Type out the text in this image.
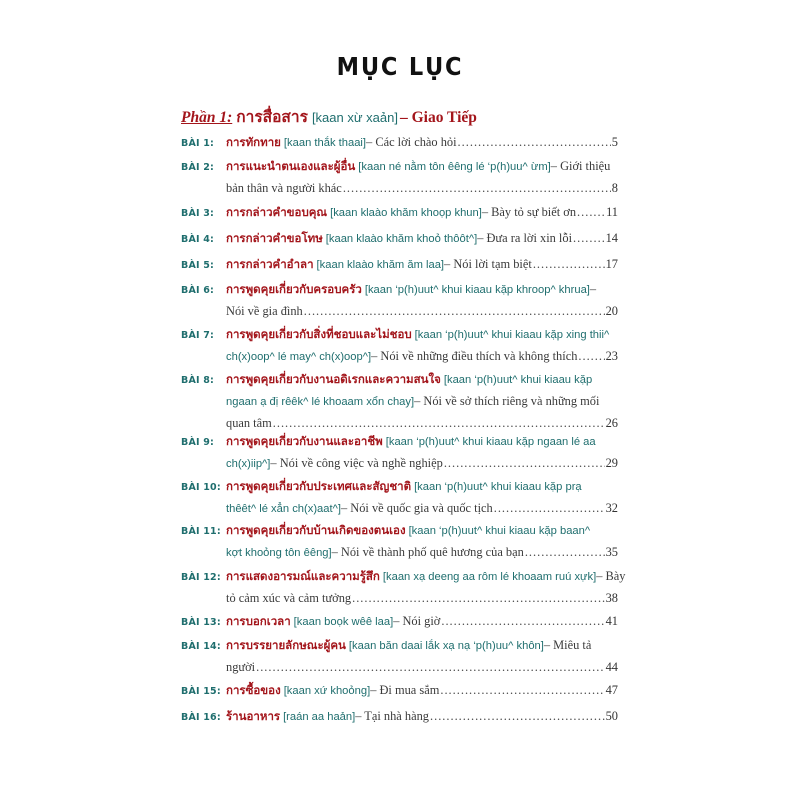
MỤC LỤC
Phần 1: การสื่อสาร [kaan xừ xaản] – Giao Tiếp
BÀI 1:	การทักทาย [kaan thắk thaai] – Các lời chào hỏi .....	5
BÀI 2:	การแนะนำตนเองและผู้อื่น [kaan né nằm tôn êêng lé ‘p(h)uu^ ừm] – Giới thiệu
bản thân và người khác .....	8
BÀI 3:	การกล่าวคำขอบคุณ [kaan klaào khăm khoọp khun] – Bày tỏ sự biết ơn ..... 11
BÀI 4:	การกล่าวคำขอโทษ [kaan klaào khăm khoỏ thôôt^] – Đưa ra lời xin lỗi .....	14
BÀI 5:	การกล่าวคำอำลา [kaan klaào khăm ăm laa] – Nói lời tạm biệt .....	17
BÀI 6:	การพูดคุยเกี่ยวกับครอบครัว [kaan ‘p(h)uut^ khui kiaau kặp khroop^ khrua] –
Nói về gia đình .....	20
BÀI 7:	การพูดคุยเกี่ยวกับสิ่งที่ชอบและไม่ชอบ [kaan ‘p(h)uut^ khui kiaau kặp xing thii^
ch(x)oop^ lé may^ ch(x)oop^] – Nói về những điều thích và không thích ..... 23
BÀI 8:	การพูดคุยเกี่ยวกับงานอดิเรกและความสนใจ [kaan ‘p(h)uut^ khui kiaau kặp
ngaan ạ đị rêêk^ lé khoaam xổn chay] – Nói về sở thích riêng và những mối
quan tâm .....	26
BÀI 9:	การพูดคุยเกี่ยวกับงานและอาชีพ [kaan ‘p(h)uut^ khui kiaau kặp ngaan lé aa
ch(x)iip^] – Nói về công việc và nghề nghiệp .....	29
BÀI 10: การพูดคุยเกี่ยวกับประเทศและสัญชาติ [kaan ‘p(h)uut^ khui kiaau kặp prạ
thêêt^ lé xẳn ch(x)aat^] – Nói về quốc gia và quốc tịch .....	32
BÀI 11: การพูดคุยเกี่ยวกับบ้านเกิดของตนเอง [kaan ‘p(h)uut^ khui kiaau kặp baan^
kợt khoỏng tôn êêng] – Nói về thành phố quê hương của bạn .....	35
BÀI 12: การแสดงอารมณ์และความรู้สึก [kaan xạ deeng aa rôm lé khoaam ruú xựk] – Bày
tỏ cảm xúc và cảm tưởng .....	38
BÀI 13: การบอกเวลา [kaan boọk wêê laa] – Nói giờ .....	41
BÀI 14: การบรรยายลักษณะผู้คน [kaan băn daai lắk xạ nạ ‘p(h)uu^ khôn] – Miêu tả
người .....	44
BÀI 15: การซื้อของ [kaan xứ khoỏng] – Đi mua sắm .....	47
BÀI 16: ร้านอาหาร [raán aa haản] – Tại nhà hàng .....	50
